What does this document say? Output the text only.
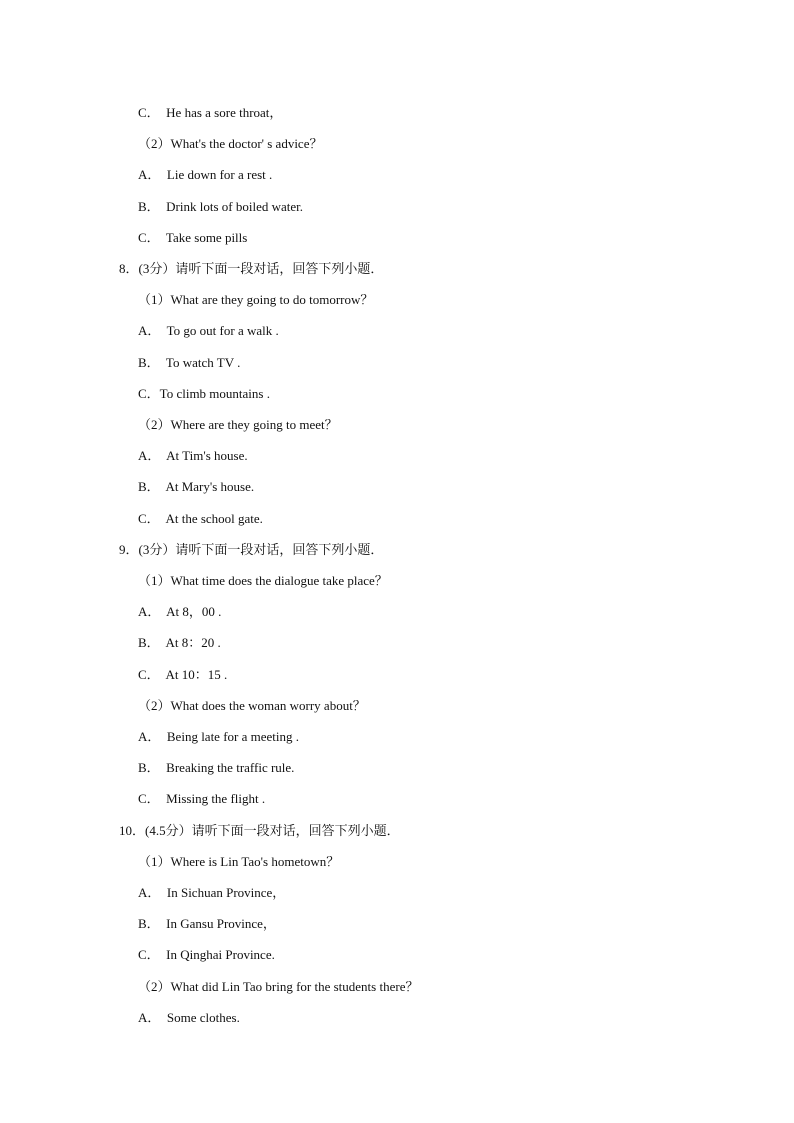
C．  He has a sore throat，
（2）What's the doctor' s advice？
A．  Lie down for a rest .
B．  Drink lots of boiled water.
C．  Take some pills
8．(3分）请听下面一段对话，回答下列小题．
（1）What are they going to do tomorrow？
A．  To go out for a walk .
B．  To watch TV .
C．To climb mountains .
（2）Where are they going to meet？
A．  At Tim's house.
B．  At Mary's house.
C．  At the school gate.
9．(3分）请听下面一段对话，回答下列小题．
（1）What time does the dialogue take place？
A．  At 8，00 .
B．  At 8：20 .
C．  At 10：15 .
（2）What does the woman worry about？
A．  Being late for a meeting .
B．  Breaking the traffic rule.
C．  Missing the flight .
10．(4.5分）请听下面一段对话，回答下列小题．
（1）Where is Lin Tao's hometown？
A．  In Sichuan Province，
B．  In Gansu Province，
C．  In Qinghai Province.
（2）What did Lin Tao bring for the students there？
A．  Some clothes.
